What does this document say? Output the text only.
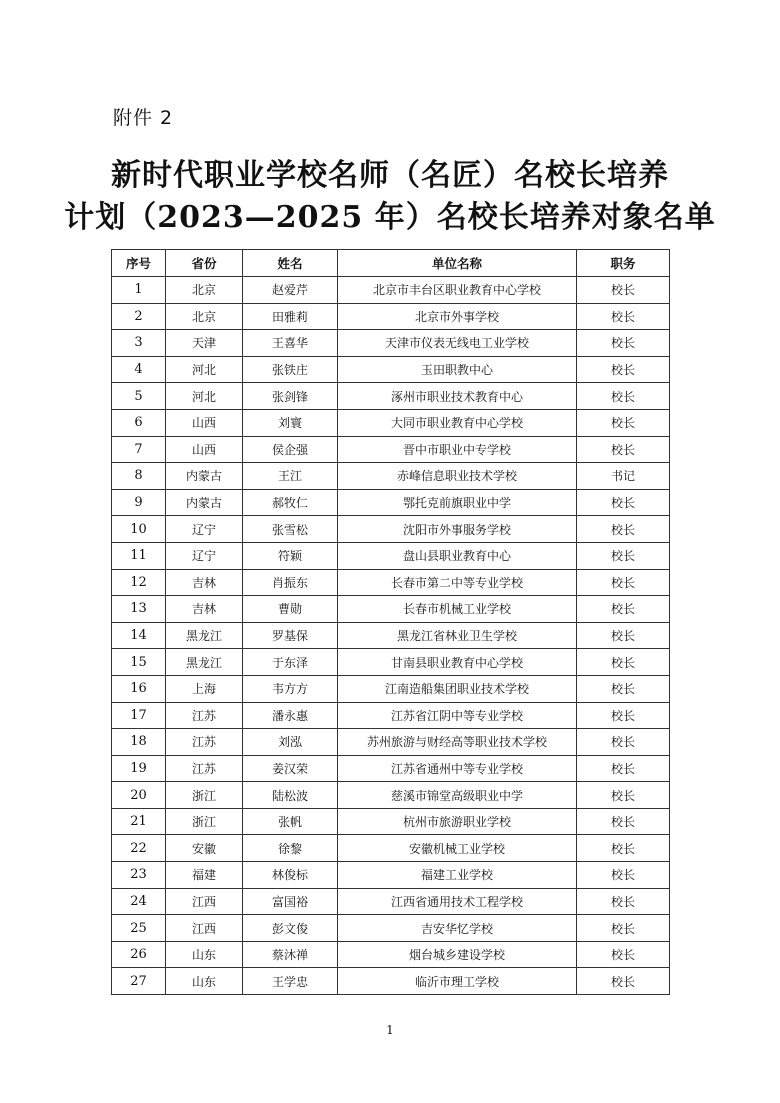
附件 2
新时代职业学校名师（名匠）名校长培养
计划（2023—2025 年）名校长培养对象名单
序号	省份	姓名	单位名称	职务
1	北京	赵爱芹	北京市丰台区职业教育中心学校	校长
2	北京	田雅莉	北京市外事学校	校长
3	天津	王喜华	天津市仪表无线电工业学校	校长
4	河北	张铁庄	玉田职教中心	校长
5	河北	张剑锋	涿州市职业技术教育中心	校长
6	山西	刘寰	大同市职业教育中心学校	校长
7	山西	侯企强	晋中市职业中专学校	校长
8	内蒙古	王江	赤峰信息职业技术学校	书记
9	内蒙古	郝牧仁	鄂托克前旗职业中学	校长
10	辽宁	张雪松	沈阳市外事服务学校	校长
11	辽宁	符颖	盘山县职业教育中心	校长
12	吉林	肖振东	长春市第二中等专业学校	校长
13	吉林	曹勋	长春市机械工业学校	校长
14	黑龙江	罗基保	黑龙江省林业卫生学校	校长
15	黑龙江	于东泽	甘南县职业教育中心学校	校长
16	上海	韦方方	江南造船集团职业技术学校	校长
17	江苏	潘永惠	江苏省江阴中等专业学校	校长
18	江苏	刘泓	苏州旅游与财经高等职业技术学校	校长
19	江苏	姜汉荣	江苏省通州中等专业学校	校长
20	浙江	陆松波	慈溪市锦堂高级职业中学	校长
21	浙江	张帆	杭州市旅游职业学校	校长
22	安徽	徐黎	安徽机械工业学校	校长
23	福建	林俊标	福建工业学校	校长
24	江西	富国裕	江西省通用技术工程学校	校长
25	江西	彭文俊	吉安华忆学校	校长
26	山东	蔡沐禅	烟台城乡建设学校	校长
27	山东	王学忠	临沂市理工学校	校长
1
